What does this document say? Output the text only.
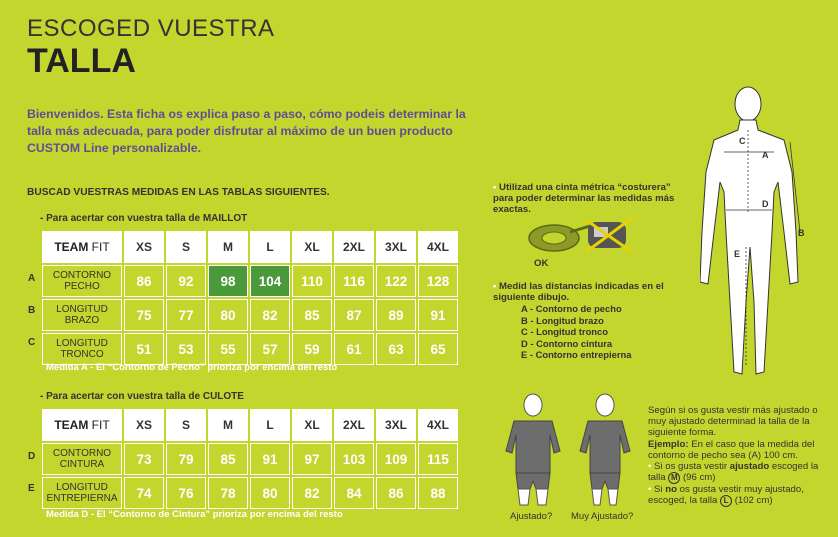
ESCOGED VUESTRA
TALLA
Bienvenidos. Esta ficha os explica paso a paso, cómo podeis determinar la talla más adecuada, para poder disfrutar al máximo de un buen producto CUSTOM Line personalizable.
BUSCAD VUESTRAS MEDIDAS EN LAS TABLAS SIGUIENTES.
- Para acertar con vuestra talla de MAILLOT
A
B
C
TEAM FIT	XS	S	M	L	XL	2XL	3XL	4XL
CONTORNO PECHO	86	92	98	104	110	116	122	128
LONGITUD BRAZO	75	77	80	82	85	87	89	91
LONGITUD TRONCO	51	53	55	57	59	61	63	65
Medida A - El “Contorno de Pecho” prioriza por encima del resto
- Para acertar con vuestra talla de CULOTE
D
E
TEAM FIT	XS	S	M	L	XL	2XL	3XL	4XL
CONTORNO CINTURA	73	79	85	91	97	103	109	115
LONGITUD ENTREPIERNA	74	76	78	80	82	84	86	88
Medida D - El “Contorno de Cintura” prioriza por encima del resto
• Utilizad una cinta métrica “costurera” para poder determinar las medidas más exactas.
OK
• Medid las distancias indicadas en el siguiente dibujo.
A - Contorno de pecho
B - Longitud brazo
C - Longitud tronco
D - Contorno cintura
E - Contorno entrepierna
C
A
B
D
E
Ajustado? Muy Ajustado?
Según si os gusta vestir más ajustado o muy ajustado determinad la talla de la siguiente forma.
Ejemplo: En el caso que la medida del contorno de pecho sea (A) 100 cm.
• Si os gusta vestir ajustado escoged la talla M (96 cm)
• Si no os gusta vestir muy ajustado, escoged, la talla L (102 cm)
